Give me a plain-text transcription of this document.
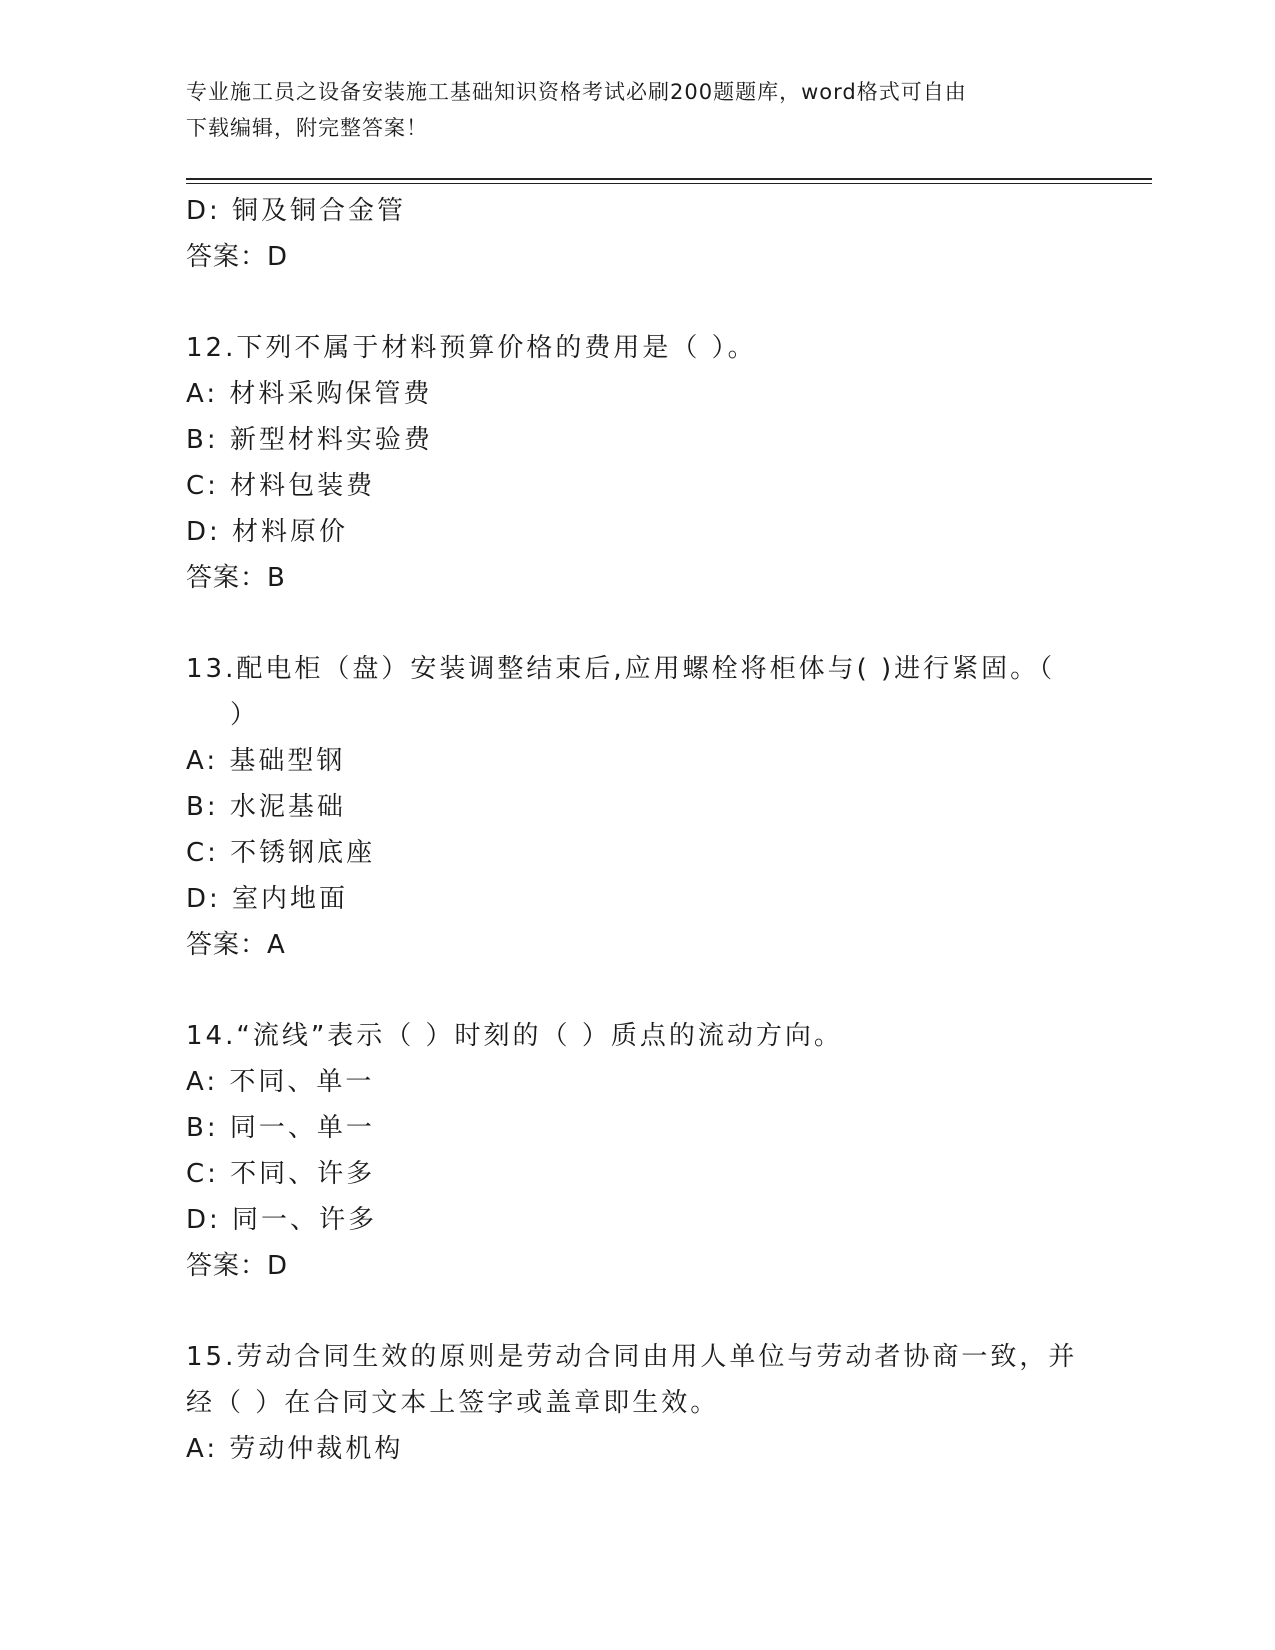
专业施工员之设备安装施工基础知识资格考试必刷200题题库，word格式可自由
下载编辑，附完整答案！
D: 铜及铜合金管
答案：D
12.下列不属于材料预算价格的费用是（ ）。
A: 材料采购保管费
B: 新型材料实验费
C: 材料包装费
D: 材料原价
答案：B
13.配电柜（盘）安装调整结束后,应用螺栓将柜体与( )进行紧固。（
）
A: 基础型钢
B: 水泥基础
C: 不锈钢底座
D: 室内地面
答案：A
14.“流线”表示（ ）时刻的（ ）质点的流动方向。
A: 不同、单一
B: 同一、单一
C: 不同、许多
D: 同一、许多
答案：D
15.劳动合同生效的原则是劳动合同由用人单位与劳动者协商一致，并
经（ ）在合同文本上签字或盖章即生效。
A: 劳动仲裁机构
